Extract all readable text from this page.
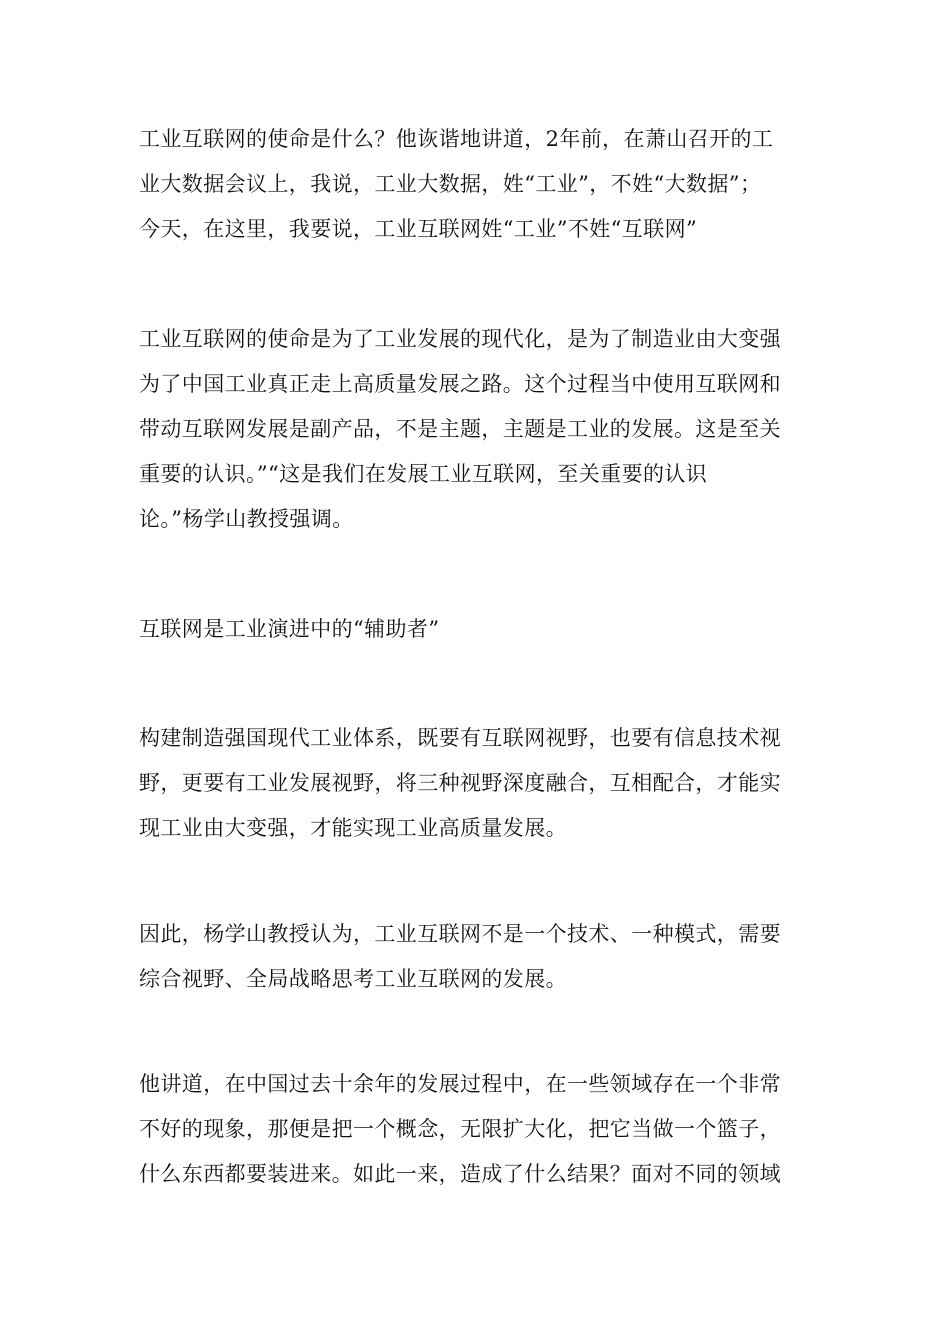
工业互联网的使命是什么？他诙谐地讲道，2年前，在萧山召开的工
业大数据会议上，我说，工业大数据，姓“工业”，不姓“大数据”；
今天，在这里，我要说，工业互联网姓“工业”不姓“互联网”
工业互联网的使命是为了工业发展的现代化，是为了制造业由大变强
为了中国工业真正走上高质量发展之路。这个过程当中使用互联网和
带动互联网发展是副产品，不是主题，主题是工业的发展。这是至关
重要的认识。”“这是我们在发展工业互联网，至关重要的认识
论。”杨学山教授强调。
互联网是工业演进中的“辅助者”
构建制造强国现代工业体系，既要有互联网视野，也要有信息技术视
野，更要有工业发展视野，将三种视野深度融合，互相配合，才能实
现工业由大变强，才能实现工业高质量发展。
因此，杨学山教授认为，工业互联网不是一个技术、一种模式，需要
综合视野、全局战略思考工业互联网的发展。
他讲道，在中国过去十余年的发展过程中，在一些领域存在一个非常
不好的现象，那便是把一个概念，无限扩大化，把它当做一个篮子，
什么东西都要装进来。如此一来，造成了什么结果？面对不同的领域
